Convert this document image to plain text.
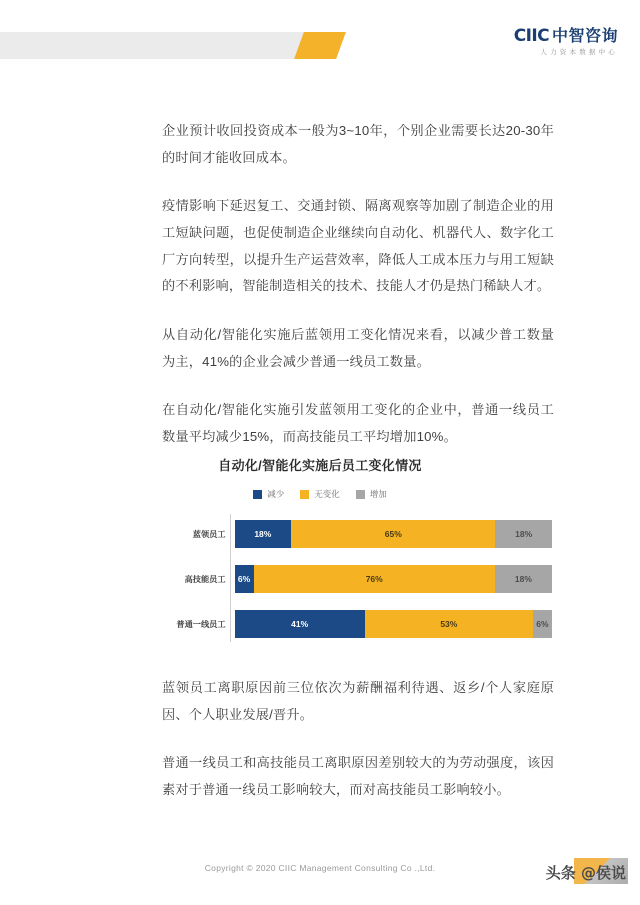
CIIC 中智咨询
人力资本数据中心

企业预计收回投资成本一般为3~10年，个别企业需要长达20-30年的时间才能收回成本。

疫情影响下延迟复工、交通封锁、隔离观察等加剧了制造企业的用工短缺问题，也促使制造企业继续向自动化、机器代人、数字化工厂方向转型，以提升生产运营效率，降低人工成本压力与用工短缺的不利影响，智能制造相关的技术、技能人才仍是热门稀缺人才。

从自动化/智能化实施后蓝领用工变化情况来看，以减少普工数量为主，41%的企业会减少普通一线员工数量。

在自动化/智能化实施引发蓝领用工变化的企业中，普通一线员工数量平均减少15%，而高技能员工平均增加10%。

自动化/智能化实施后员工变化情况
减少	无变化	增加
蓝领员工	18%	65%	18%
高技能员工	6%	76%	18%
普通一线员工	41%	53%	6%

蓝领员工离职原因前三位依次为薪酬福利待遇、返乡/个人家庭原因、个人职业发展/晋升。

普通一线员工和高技能员工离职原因差别较大的为劳动强度，该因素对于普通一线员工影响较大，而对高技能员工影响较小。

Copyright © 2020 CIIC Management Consulting Co .,Ltd.	头条 @侯说
